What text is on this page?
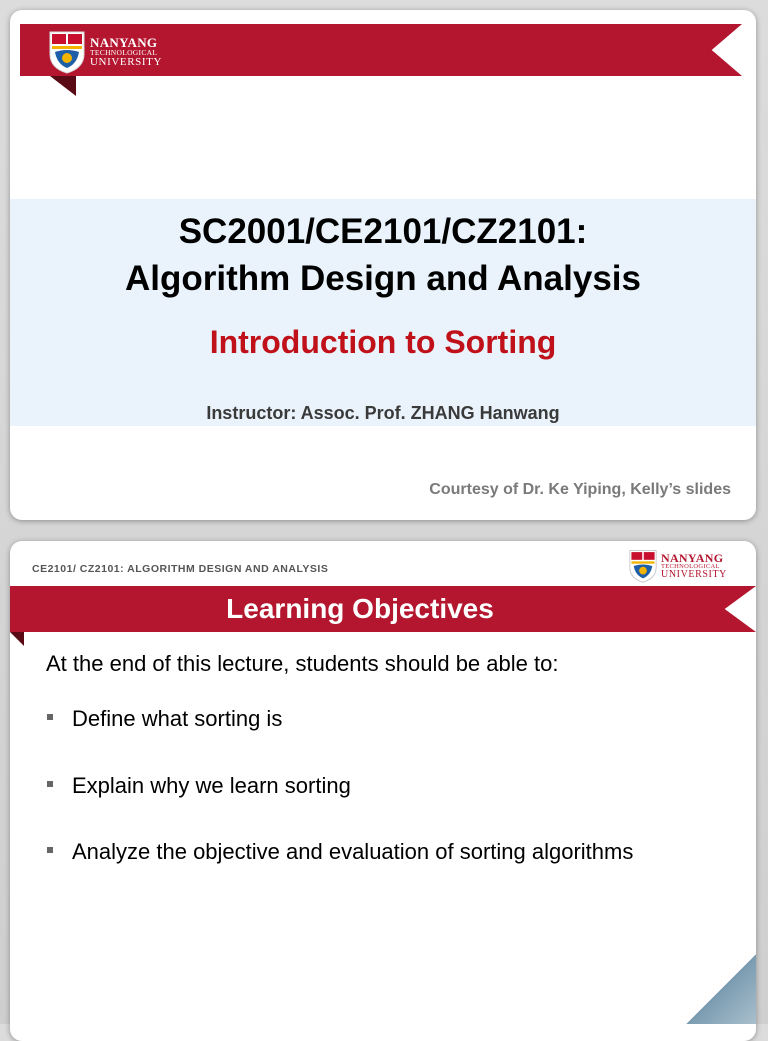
NANYANG
TECHNOLOGICAL
UNIVERSITY
SC2001/CE2101/CZ2101:
Algorithm Design and Analysis
Introduction to Sorting
Instructor: Assoc. Prof. ZHANG Hanwang
Courtesy of Dr. Ke Yiping, Kelly’s slides
CE2101/ CZ2101: ALGORITHM DESIGN AND ANALYSIS
NANYANG
TECHNOLOGICAL
UNIVERSITY
Learning Objectives
At the end of this lecture, students should be able to:
Define what sorting is
Explain why we learn sorting
Analyze the objective and evaluation of sorting algorithms
